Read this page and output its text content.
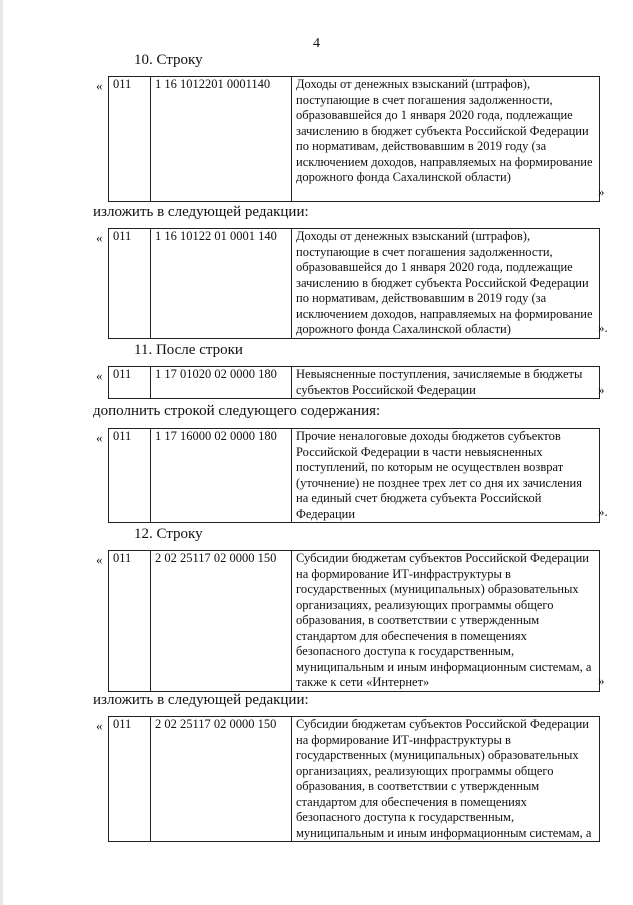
4
10. Строку
« 011	1 16 1012201 0001140	Доходы от денежных взысканий (штрафов),
поступающие в счет погашения задолженности,
образовавшейся до 1 января 2020 года, подлежащие
зачислению в бюджет субъекта Российской Федерации
по нормативам, действовавшим в 2019 году (за
исключением доходов, направляемых на формирование
дорожного фонда Сахалинской области)
»
изложить в следующей редакции:
« 011	1 16 10122 01 0001 140	Доходы от денежных взысканий (штрафов),
поступающие в счет погашения задолженности,
образовавшейся до 1 января 2020 года, подлежащие
зачислению в бюджет субъекта Российской Федерации
по нормативам, действовавшим в 2019 году (за
исключением доходов, направляемых на формирование
дорожного фонда Сахалинской области)	».
11. После строки
« 011	1 17 01020 02 0000 180	Невыясненные поступления, зачисляемые в бюджеты
субъектов Российской Федерации	»
дополнить строкой следующего содержания:
« 011	1 17 16000 02 0000 180	Прочие неналоговые доходы бюджетов субъектов
Российской Федерации в части невыясненных
поступлений, по которым не осуществлен возврат
(уточнение) не позднее трех лет со дня их зачисления
на единый счет бюджета субъекта Российской
Федерации	».
12. Строку
« 011	2 02 25117 02 0000 150	Субсидии бюджетам субъектов Российской Федерации
на формирование ИТ-инфраструктуры в
государственных (муниципальных) образовательных
организациях, реализующих программы общего
образования, в соответствии с утвержденным
стандартом для обеспечения в помещениях
безопасного доступа к государственным,
муниципальным и иным информационным системам, а
также к сети «Интернет»	»
изложить в следующей редакции:
« 011	2 02 25117 02 0000 150	Субсидии бюджетам субъектов Российской Федерации
на формирование ИТ-инфраструктуры в
государственных (муниципальных) образовательных
организациях, реализующих программы общего
образования, в соответствии с утвержденным
стандартом для обеспечения в помещениях
безопасного доступа к государственным,
муниципальным и иным информационным системам, а
